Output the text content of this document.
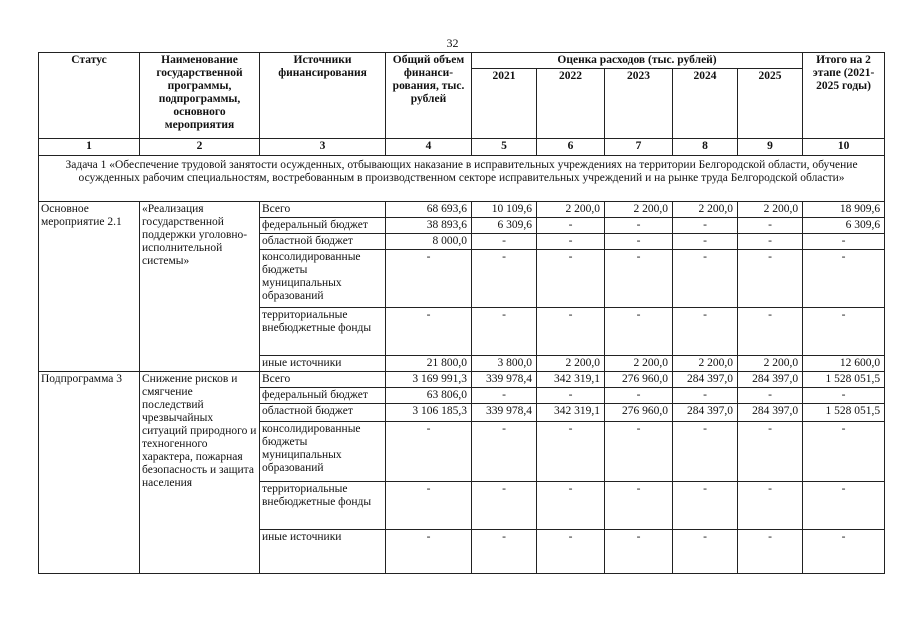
32
Статус	Наименование государственной программы, подпрограммы, основного мероприятия	Источники финансирования	Общий объем финанси-рования, тыс. рублей	Оценка расходов (тыс. рублей)					Итого на 2 этапе (2021-2025 годы)
				2021	2022	2023	2024	2025	
1	2	3	4	5	6	7	8	9	10
Задача 1 «Обеспечение трудовой занятости осужденных, отбывающих наказание в исправительных учреждениях на территории Белгородской области, обучение осужденных рабочим специальностям, востребованным в производственном секторе исправительных учреждений и на рынке труда Белгородской области»									
Основное мероприятие 2.1	«Реализация государственной поддержки уголовно-исполнительной системы»	Всего	68 693,6	10 109,6	2 200,0	2 200,0	2 200,0	2 200,0	18 909,6
		федеральный бюджет	38 893,6	6 309,6	-	-	-	-	6 309,6
		областной бюджет	8 000,0	-	-	-	-	-	-
		консолидированные бюджеты муниципальных образований	-	-	-	-	-	-	-
		территориальные внебюджетные фонды	-	-	-	-	-	-	-
		иные источники	21 800,0	3 800,0	2 200,0	2 200,0	2 200,0	2 200,0	12 600,0
Подпрограмма 3	Снижение рисков и смягчение последствий чрезвычайных ситуаций природного и техногенного характера, пожарная безопасность и защита населения	Всего	3 169 991,3	339 978,4	342 319,1	276 960,0	284 397,0	284 397,0	1 528 051,5
		федеральный бюджет	63 806,0	-	-	-	-	-	-
		областной бюджет	3 106 185,3	339 978,4	342 319,1	276 960,0	284 397,0	284 397,0	1 528 051,5
		консолидированные бюджеты муниципальных образований	-	-	-	-	-	-	-
		территориальные внебюджетные фонды	-	-	-	-	-	-	-
		иные источники	-	-	-	-	-	-	-
